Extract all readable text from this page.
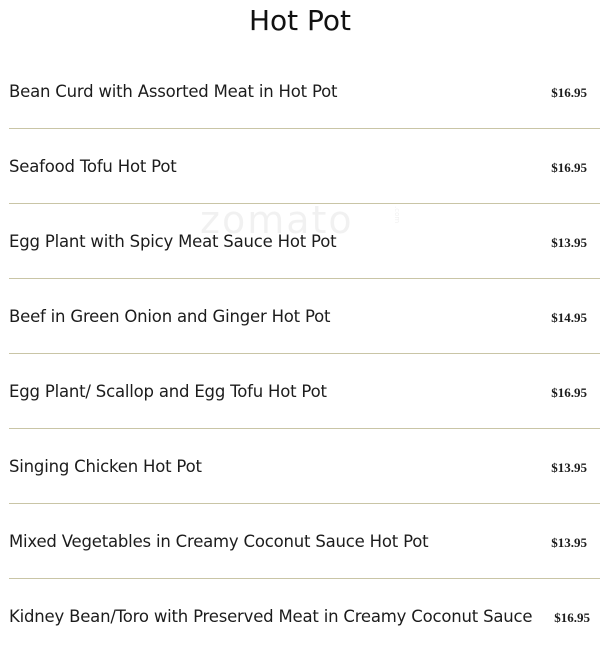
zomato	.com
Hot Pot
Bean Curd with Assorted Meat in Hot Pot	$16.95
Seafood Tofu Hot Pot	$16.95
Egg Plant with Spicy Meat Sauce Hot Pot	$13.95
Beef in Green Onion and Ginger Hot Pot	$14.95
Egg Plant/ Scallop and Egg Tofu Hot Pot	$16.95
Singing Chicken Hot Pot	$13.95
Mixed Vegetables in Creamy Coconut Sauce Hot Pot	$13.95
Kidney Bean/Toro with Preserved Meat in Creamy Coconut Sauce $16.95
